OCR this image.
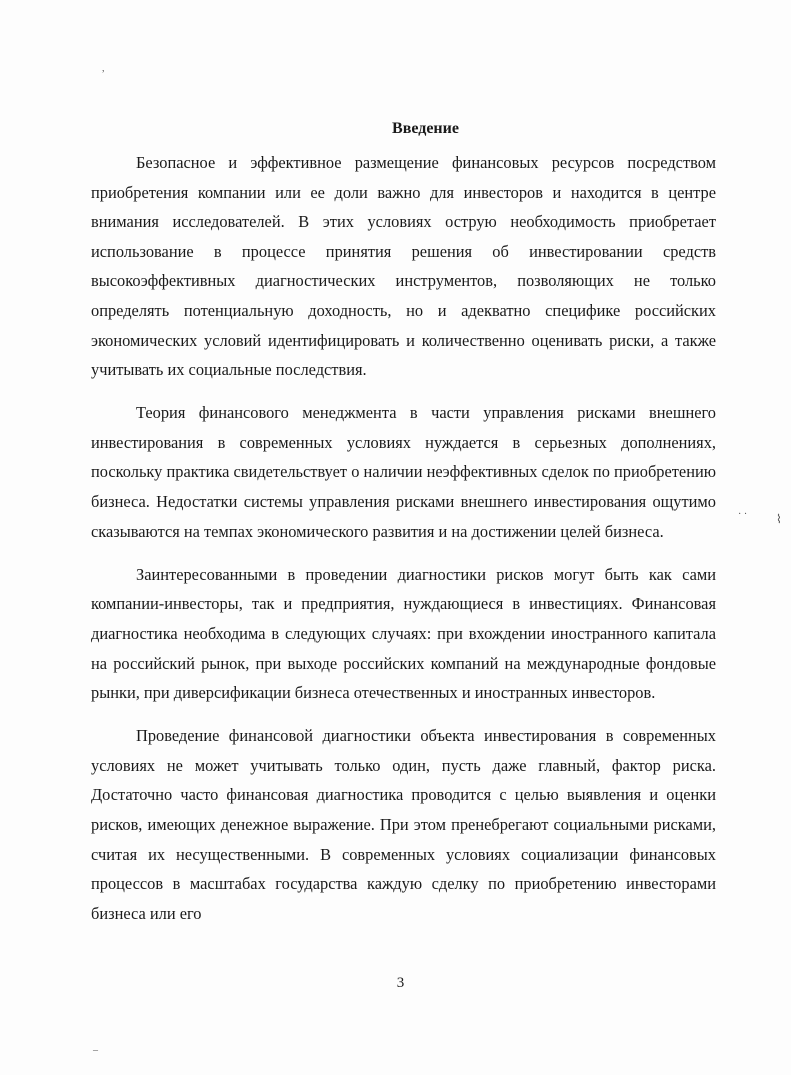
,
Введение

Безопасное и эффективное размещение финансовых ресурсов посредством приобретения компании или ее доли важно для инвесторов и находится в центре внимания исследователей. В этих условиях острую необходимость приобретает использование в процессе принятия решения об инвестировании средств высокоэффективных диагностических инструментов, позволяющих не только определять потенциальную доходность, но и адекватно специфике российских экономических условий идентифицировать и количественно оценивать риски, а также учитывать их социальные последствия.

Теория финансового менеджмента в части управления рисками внешнего инвестирования в современных условиях нуждается в серьезных дополнениях, поскольку практика свидетельствует о наличии неэффективных сделок по приобретению бизнеса. Недостатки системы управления рисками внешнего инвестирования ощутимо сказываются на темпах экономического развития и на достижении целей бизнеса.

Заинтересованными в проведении диагностики рисков могут быть как сами компании-инвесторы, так и предприятия, нуждающиеся в инвестициях. Финансовая диагностика необходима в следующих случаях: при вхождении иностранного капитала на российский рынок, при выходе российских компаний на международные фондовые рынки, при диверсификации бизнеса отечественных и иностранных инвесторов.

Проведение финансовой диагностики объекта инвестирования в современных условиях не может учитывать только один, пусть даже главный, фактор риска. Достаточно часто финансовая диагностика проводится с целью выявления и оценки рисков, имеющих денежное выражение. При этом пренебрегают социальными рисками, считая их несущественными. В современных условиях социализации финансовых процессов в масштабах государства каждую сделку по приобретению инвесторами бизнеса или его

· · ⌇
3
–
